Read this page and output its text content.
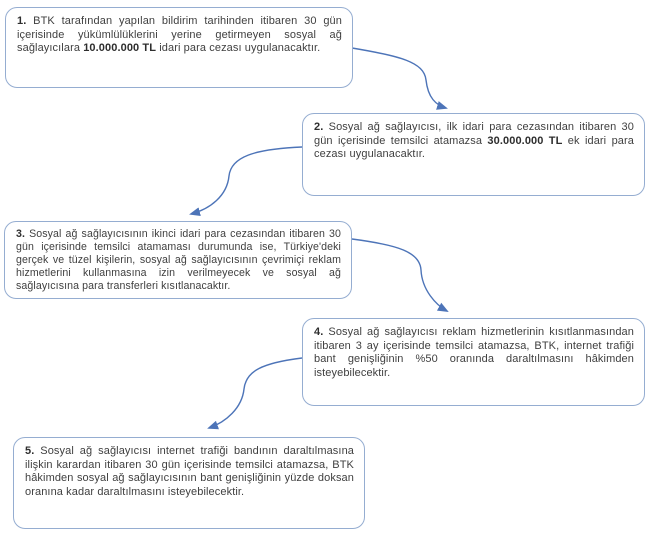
1. BTK tarafından yapılan bildirim tarihinden itibaren 30 gün içerisinde yükümlülüklerini yerine getirmeyen sosyal ağ sağlayıcılara 10.000.000 TL idari para cezası uygulanacaktır.
2. Sosyal ağ sağlayıcısı, ilk idari para cezasından itibaren 30 gün içerisinde temsilci atamazsa 30.000.000 TL ek idari para cezası uygulanacaktır.
3. Sosyal ağ sağlayıcısının ikinci idari para cezasından itibaren 30 gün içerisinde temsilci atamaması durumunda ise, Türkiye'deki gerçek ve tüzel kişilerin, sosyal ağ sağlayıcısının çevrimiçi reklam hizmetlerini kullanmasına izin verilmeyecek ve sosyal ağ sağlayıcısına para transferleri kısıtlanacaktır.
4. Sosyal ağ sağlayıcısı reklam hizmetlerinin kısıtlanmasından itibaren 3 ay içerisinde temsilci atamazsa, BTK, internet trafiği bant genişliğinin %50 oranında daraltılmasını hâkimden isteyebilecektir.
5. Sosyal ağ sağlayıcısı internet trafiği bandının daraltılmasına ilişkin karardan itibaren 30 gün içerisinde temsilci atamazsa, BTK hâkimden sosyal ağ sağlayıcısının bant genişliğinin yüzde doksan oranına kadar daraltılmasını isteyebilecektir.
